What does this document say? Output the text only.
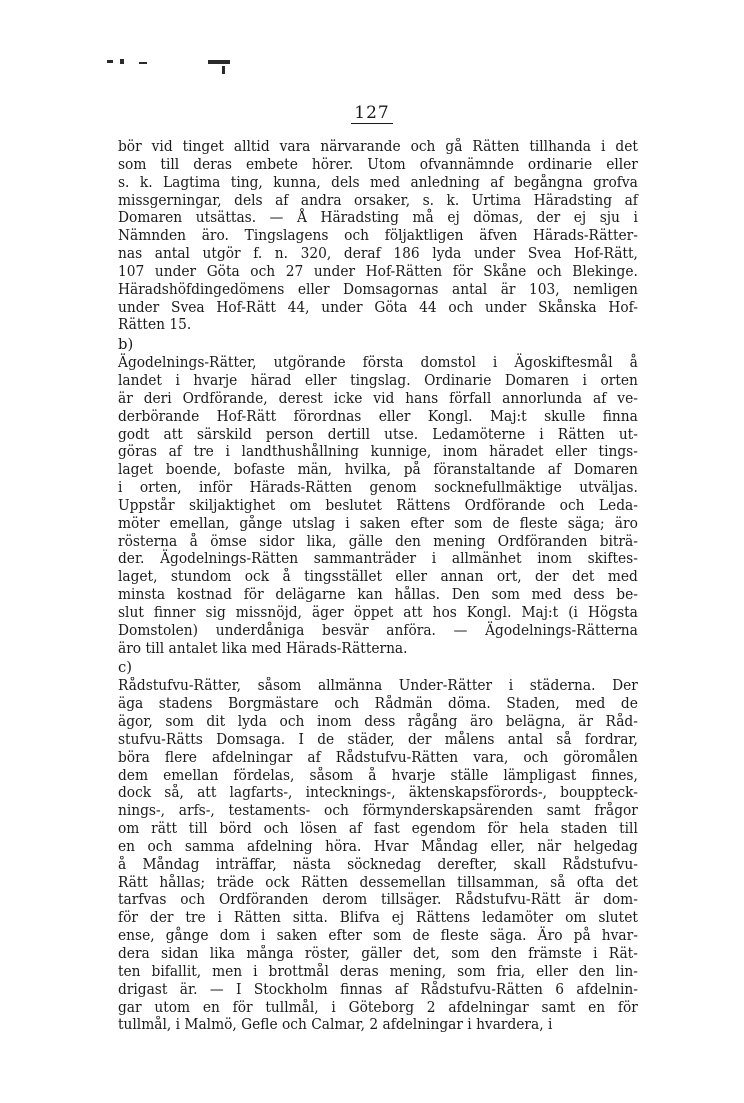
127
bör vid tinget alltid vara närvarande och gå Rätten tillhanda i det
som till deras embete hörer. Utom ofvannämnde ordinarie eller
s. k. Lagtima ting, kunna, dels med anledning af begångna grofva
missgerningar, dels af andra orsaker, s. k. Urtima Häradsting af
Domaren utsättas. — Å Häradsting må ej dömas, der ej sju i
Nämnden äro. Tingslagens och följaktligen äfven Härads-Rätter-
nas antal utgör f. n. 320, deraf 186 lyda under Svea Hof-Rätt,
107 under Göta och 27 under Hof-Rätten för Skåne och Blekinge.
Häradshöfdingedömens eller Domsagornas antal är 103, nemligen
under Svea Hof-Rätt 44, under Göta 44 och under Skånska Hof-
Rätten 15.
b)
Ägodelnings-Rätter, utgörande första domstol i Ägoskiftesmål å
landet i hvarje härad eller tingslag. Ordinarie Domaren i orten
är deri Ordförande, derest icke vid hans förfall annorlunda af ve-
derbörande Hof-Rätt förordnas eller Kongl. Maj:t skulle finna
godt att särskild person dertill utse. Ledamöterne i Rätten ut-
göras af tre i landthushållning kunnige, inom häradet eller tings-
laget boende, bofaste män, hvilka, på föranstaltande af Domaren
i orten, inför Härads-Rätten genom socknefullmäktige utväljas.
Uppstår skiljaktighet om beslutet Rättens Ordförande och Leda-
möter emellan, gånge utslag i saken efter som de fleste säga; äro
rösterna å ömse sidor lika, gälle den mening Ordföranden biträ-
der. Ägodelnings-Rätten sammanträder i allmänhet inom skiftes-
laget, stundom ock å tingsstället eller annan ort, der det med
minsta kostnad för delägarne kan hållas. Den som med dess be-
slut finner sig missnöjd, äger öppet att hos Kongl. Maj:t (i Högsta
Domstolen) underdåniga besvär anföra. — Ägodelnings-Rätterna
äro till antalet lika med Härads-Rätterna.
c)
Rådstufvu-Rätter, såsom allmänna Under-Rätter i städerna. Der
äga stadens Borgmästare och Rådmän döma. Staden, med de
ägor, som dit lyda och inom dess rågång äro belägna, är Råd-
stufvu-Rätts Domsaga. I de städer, der målens antal så fordrar,
böra flere afdelningar af Rådstufvu-Rätten vara, och göromålen
dem emellan fördelas, såsom å hvarje ställe lämpligast finnes,
dock så, att lagfarts-, intecknings-, äktenskapsförords-, bouppteck-
nings-, arfs-, testaments- och förmynderskapsärenden samt frågor
om rätt till börd och lösen af fast egendom för hela staden till
en och samma afdelning höra. Hvar Måndag eller, när helgedag
å Måndag inträffar, nästa söcknedag derefter, skall Rådstufvu-
Rätt hållas; träde ock Rätten dessemellan tillsamman, så ofta det
tarfvas och Ordföranden derom tillsäger. Rådstufvu-Rätt är dom-
för der tre i Rätten sitta. Blifva ej Rättens ledamöter om slutet
ense, gånge dom i saken efter som de fleste säga. Äro på hvar-
dera sidan lika många röster, gäller det, som den främste i Rät-
ten bifallit, men i brottmål deras mening, som fria, eller den lin-
drigast är. — I Stockholm finnas af Rådstufvu-Rätten 6 afdelnin-
gar utom en för tullmål, i Göteborg 2 afdelningar samt en för
tullmål, i Malmö, Gefle och Calmar, 2 afdelningar i hvardera, i
